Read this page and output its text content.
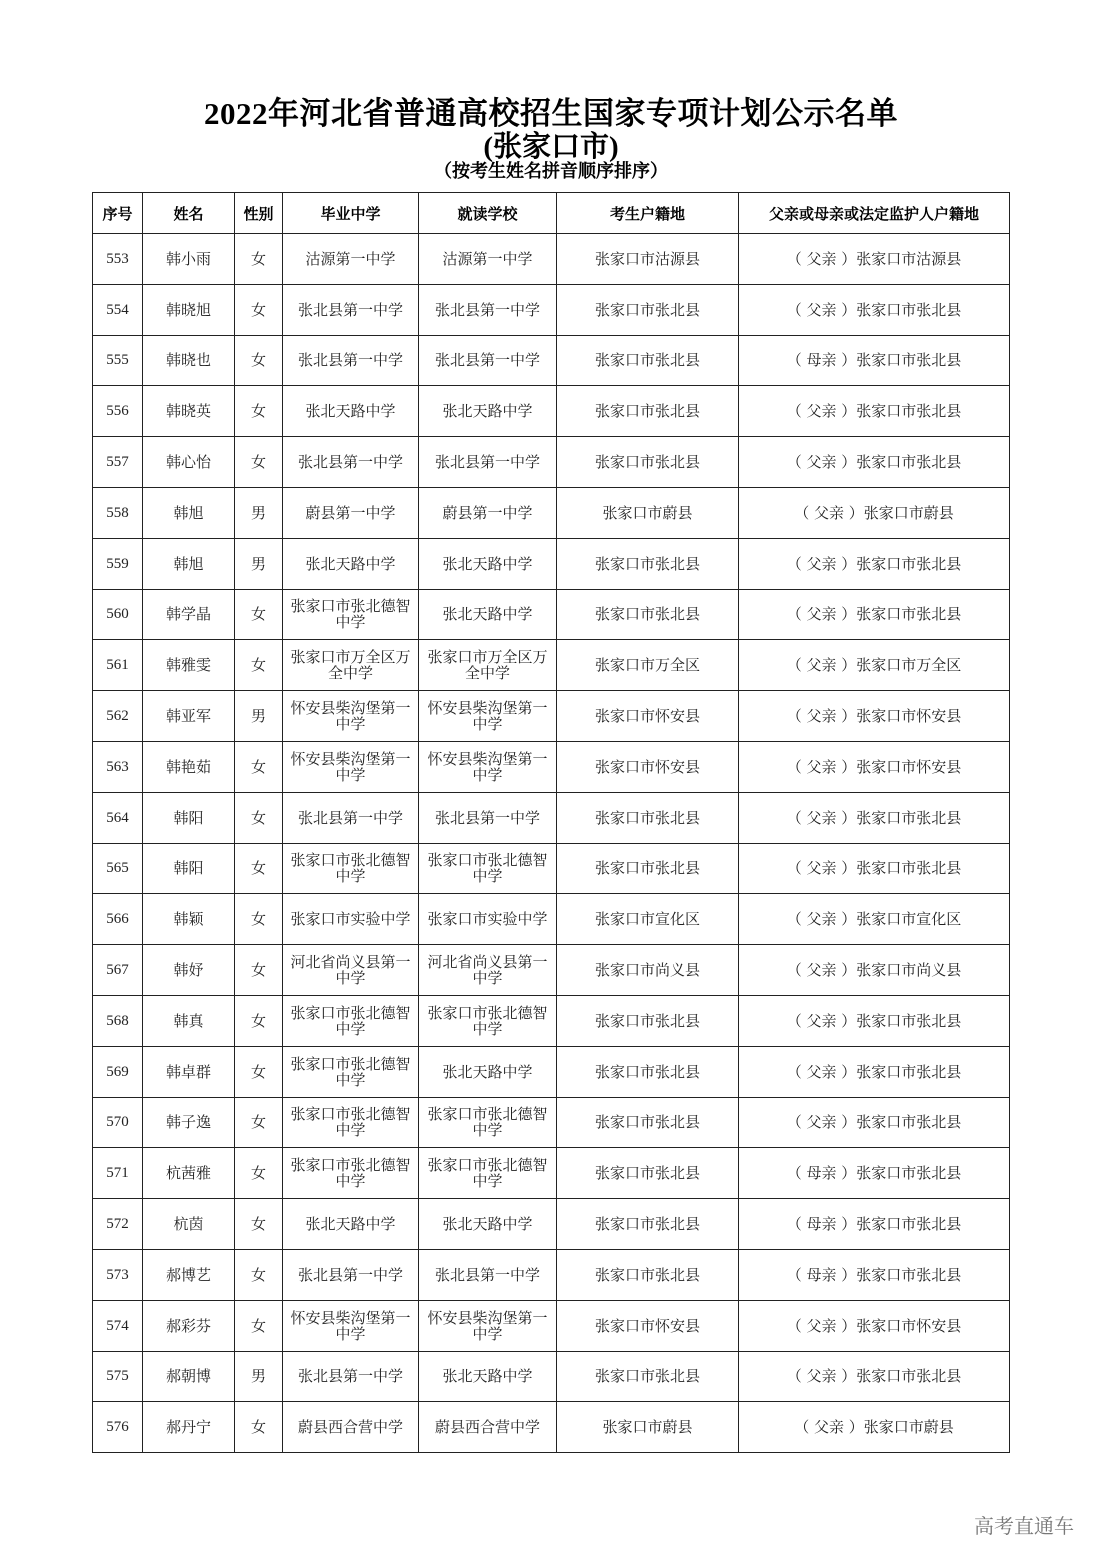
2022年河北省普通高校招生国家专项计划公示名单
(张家口市)
（按考生姓名拼音顺序排序）
序号	姓名	性别	毕业中学	就读学校	考生户籍地	父亲或母亲或法定监护人户籍地
553	韩小雨	女	沽源第一中学	沽源第一中学	张家口市沽源县	（ 父亲 ）张家口市沽源县
554	韩晓旭	女	张北县第一中学	张北县第一中学	张家口市张北县	（ 父亲 ）张家口市张北县
555	韩晓也	女	张北县第一中学	张北县第一中学	张家口市张北县	（ 母亲 ）张家口市张北县
556	韩晓英	女	张北天路中学	张北天路中学	张家口市张北县	（ 父亲 ）张家口市张北县
557	韩心怡	女	张北县第一中学	张北县第一中学	张家口市张北县	（ 父亲 ）张家口市张北县
558	韩旭	男	蔚县第一中学	蔚县第一中学	张家口市蔚县	（ 父亲 ）张家口市蔚县
559	韩旭	男	张北天路中学	张北天路中学	张家口市张北县	（ 父亲 ）张家口市张北县
560	韩学晶	女	张家口市张北德智中学	张北天路中学	张家口市张北县	（ 父亲 ）张家口市张北县
561	韩雅雯	女	张家口市万全区万全中学	张家口市万全区万全中学	张家口市万全区	（ 父亲 ）张家口市万全区
562	韩亚军	男	怀安县柴沟堡第一中学	怀安县柴沟堡第一中学	张家口市怀安县	（ 父亲 ）张家口市怀安县
563	韩艳茹	女	怀安县柴沟堡第一中学	怀安县柴沟堡第一中学	张家口市怀安县	（ 父亲 ）张家口市怀安县
564	韩阳	女	张北县第一中学	张北县第一中学	张家口市张北县	（ 父亲 ）张家口市张北县
565	韩阳	女	张家口市张北德智中学	张家口市张北德智中学	张家口市张北县	（ 父亲 ）张家口市张北县
566	韩颖	女	张家口市实验中学	张家口市实验中学	张家口市宣化区	（ 父亲 ）张家口市宣化区
567	韩妤	女	河北省尚义县第一中学	河北省尚义县第一中学	张家口市尚义县	（ 父亲 ）张家口市尚义县
568	韩真	女	张家口市张北德智中学	张家口市张北德智中学	张家口市张北县	（ 父亲 ）张家口市张北县
569	韩卓群	女	张家口市张北德智中学	张北天路中学	张家口市张北县	（ 父亲 ）张家口市张北县
570	韩子逸	女	张家口市张北德智中学	张家口市张北德智中学	张家口市张北县	（ 父亲 ）张家口市张北县
571	杭茜雅	女	张家口市张北德智中学	张家口市张北德智中学	张家口市张北县	（ 母亲 ）张家口市张北县
572	杭茵	女	张北天路中学	张北天路中学	张家口市张北县	（ 母亲 ）张家口市张北县
573	郝博艺	女	张北县第一中学	张北县第一中学	张家口市张北县	（ 母亲 ）张家口市张北县
574	郝彩芬	女	怀安县柴沟堡第一中学	怀安县柴沟堡第一中学	张家口市怀安县	（ 父亲 ）张家口市怀安县
575	郝朝博	男	张北县第一中学	张北天路中学	张家口市张北县	（ 父亲 ）张家口市张北县
576	郝丹宁	女	蔚县西合营中学	蔚县西合营中学	张家口市蔚县	（ 父亲 ）张家口市蔚县
高考直通车
